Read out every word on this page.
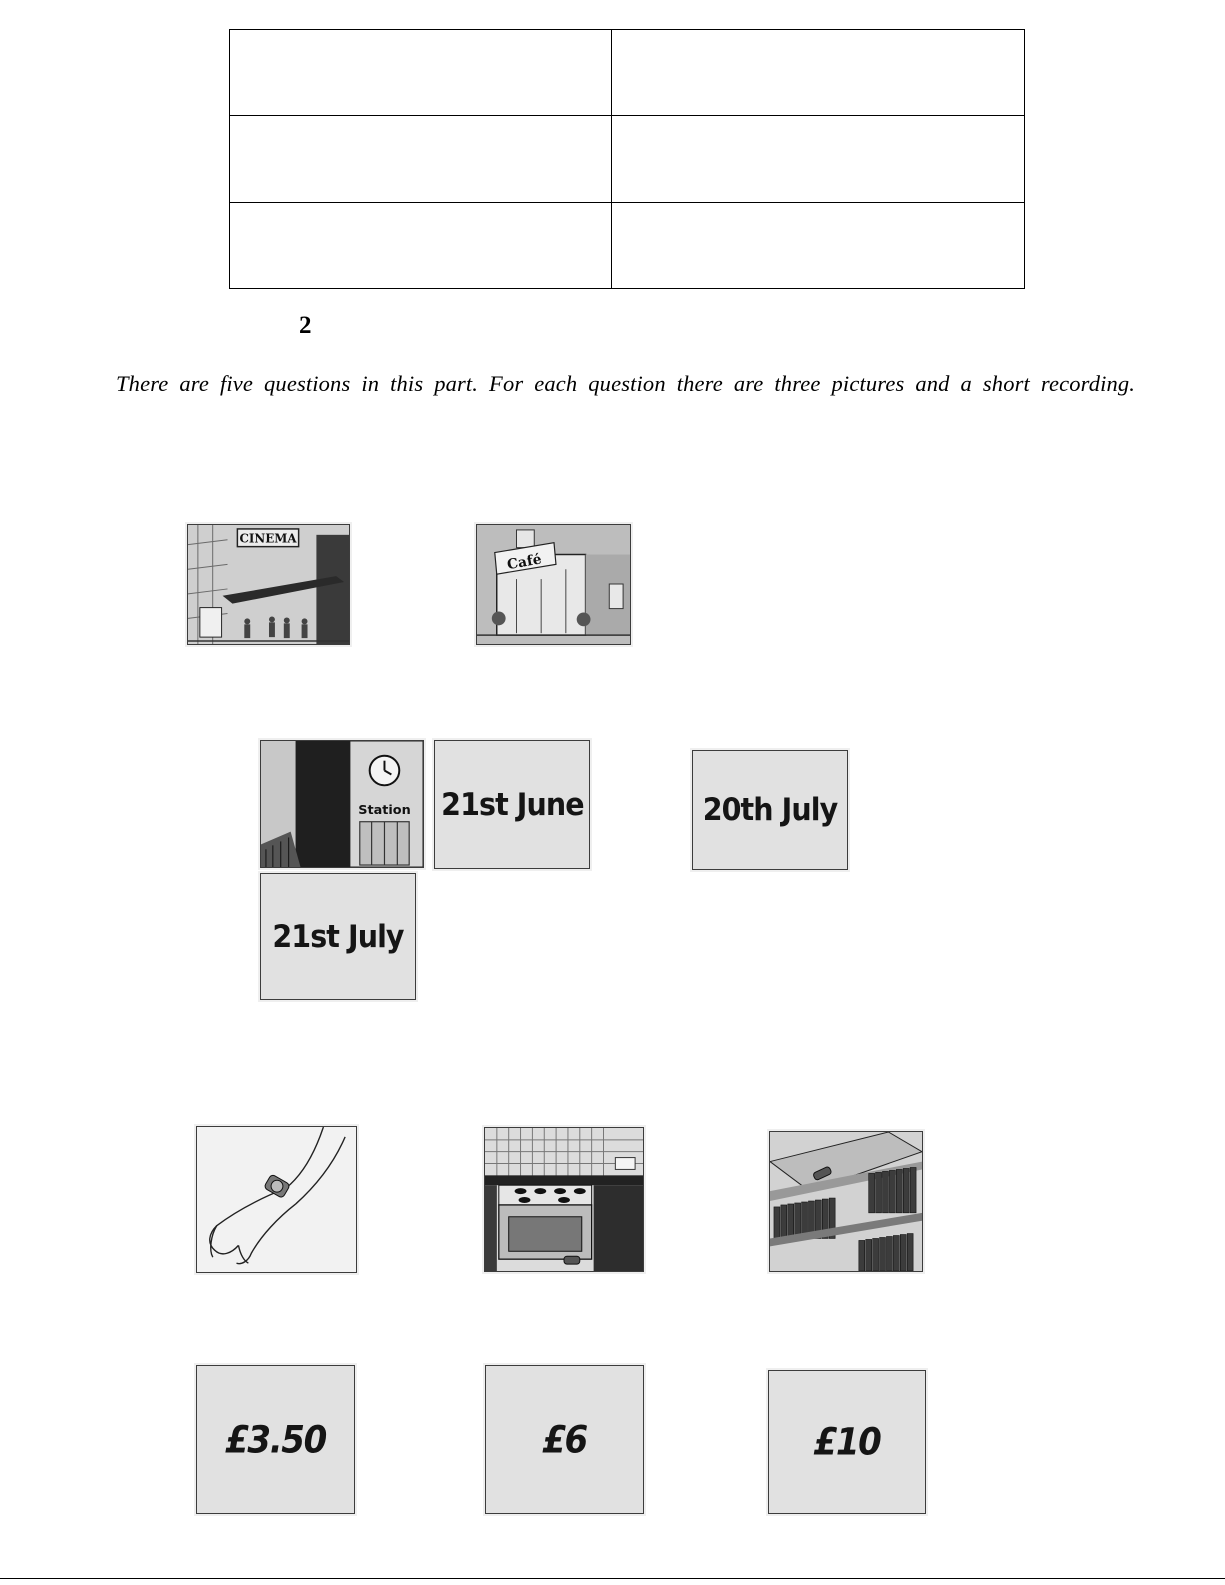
2
There are five questions in this part. For each question there are three pictures and a short recording.
CINEMA
Café
Station 21st June	20th July
21st July
£3.50	£6	£10
